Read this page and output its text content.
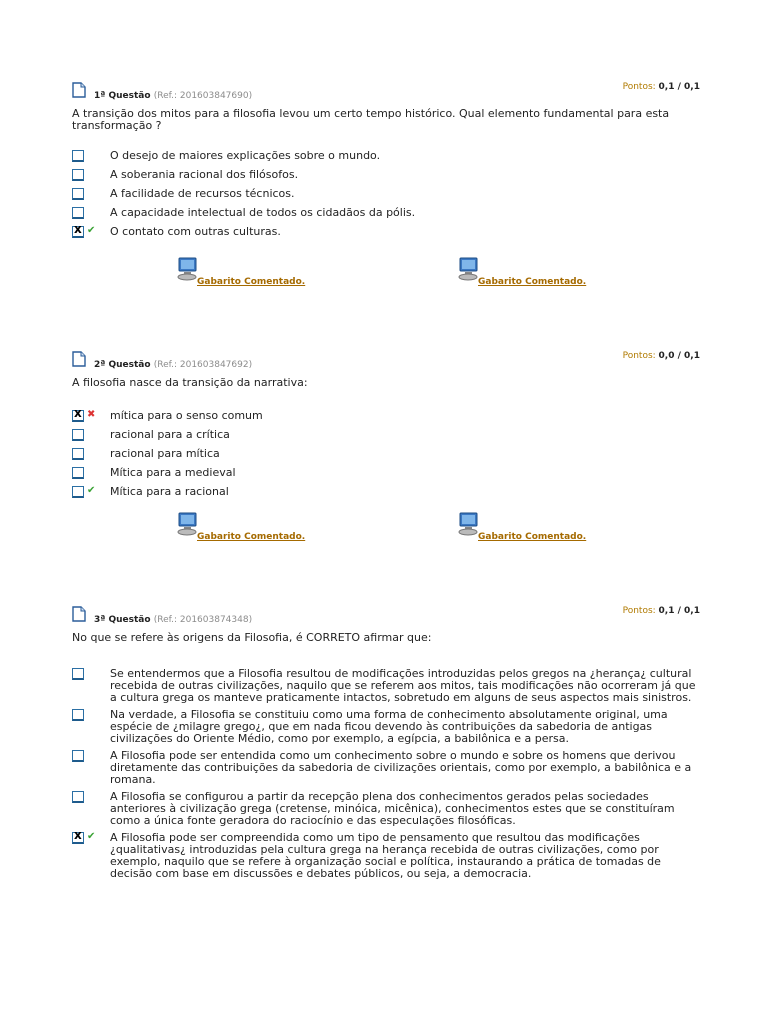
1ª Questão (Ref.: 201603847690)
Pontos: 0,1 / 0,1
A transição dos mitos para a filosofia levou um certo tempo histórico. Qual elemento fundamental para esta transformação ?
O desejo de maiores explicações sobre o mundo.
A soberania racional dos filósofos.
A facilidade de recursos técnicos.
A capacidade intelectual de todos os cidadãos da pólis.
x
✔ O contato com outras culturas.
Gabarito Comentado.	Gabarito Comentado.
2ª Questão (Ref.: 201603847692)
Pontos: 0,0 / 0,1
A filosofia nasce da transição da narrativa:
x
✖ mítica para o senso comum
racional para a crítica
racional para mítica
Mítica para a medieval
✔ Mítica para a racional
Gabarito Comentado.	Gabarito Comentado.
3ª Questão (Ref.: 201603874348)
Pontos: 0,1 / 0,1
No que se refere às origens da Filosofia, é CORRETO afirmar que:
Se entendermos que a Filosofia resultou de modificações introduzidas pelos gregos na ¿herança¿ cultural recebida de outras civilizações, naquilo que se referem aos mitos, tais modificações não ocorreram já que a cultura grega os manteve praticamente intactos, sobretudo em alguns de seus aspectos mais sinistros.
Na verdade, a Filosofia se constituiu como uma forma de conhecimento absolutamente original, uma espécie de ¿milagre grego¿, que em nada ficou devendo às contribuições da sabedoria de antigas civilizações do Oriente Médio, como por exemplo, a egípcia, a babilônica e a persa.
A Filosofia pode ser entendida como um conhecimento sobre o mundo e sobre os homens que derivou diretamente das contribuições da sabedoria de civilizações orientais, como por exemplo, a babilônica e a romana.
A Filosofia se configurou a partir da recepção plena dos conhecimentos gerados pelas sociedades anteriores à civilização grega (cretense, minóica, micênica), conhecimentos estes que se constituíram como a única fonte geradora do raciocínio e das especulações filosóficas.
x
✔ A Filosofia pode ser compreendida como um tipo de pensamento que resultou das modificações ¿qualitativas¿ introduzidas pela cultura grega na herança recebida de outras civilizações, como por exemplo, naquilo que se refere à organização social e política, instaurando a prática de tomadas de decisão com base em discussões e debates públicos, ou seja, a democracia.
